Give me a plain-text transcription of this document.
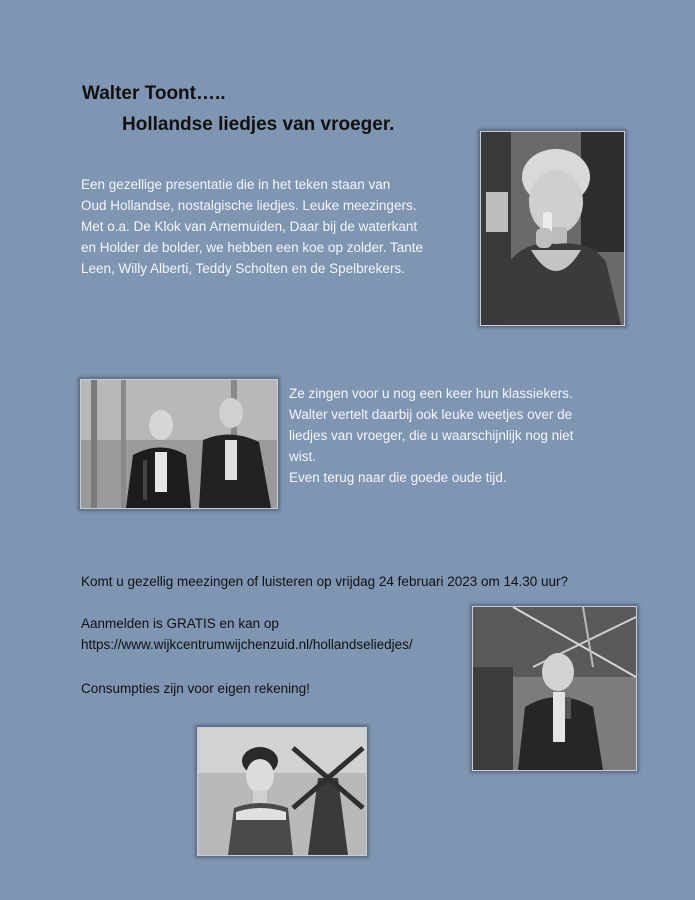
Walter Toont…..
Hollandse liedjes van vroeger.
Een gezellige presentatie die in het teken staan van
Oud Hollandse, nostalgische liedjes. Leuke meezingers.
Met o.a. De Klok van Arnemuiden, Daar bij de waterkant
en Holder de bolder, we hebben een koe op zolder. Tante
Leen, Willy Alberti, Teddy Scholten en de Spelbrekers.
Ze zingen voor u nog een keer hun klassiekers.
Walter vertelt daarbij ook leuke weetjes over de
liedjes van vroeger, die u waarschijnlijk nog niet
wist.
Even terug naar die goede oude tijd.
Komt u gezellig meezingen of luisteren op vrijdag 24 februari 2023 om 14.30 uur?
Aanmelden is GRATIS en kan op
https://www.wijkcentrumwijchenzuid.nl/hollandseliedjes/
Consumpties zijn voor eigen rekening!
